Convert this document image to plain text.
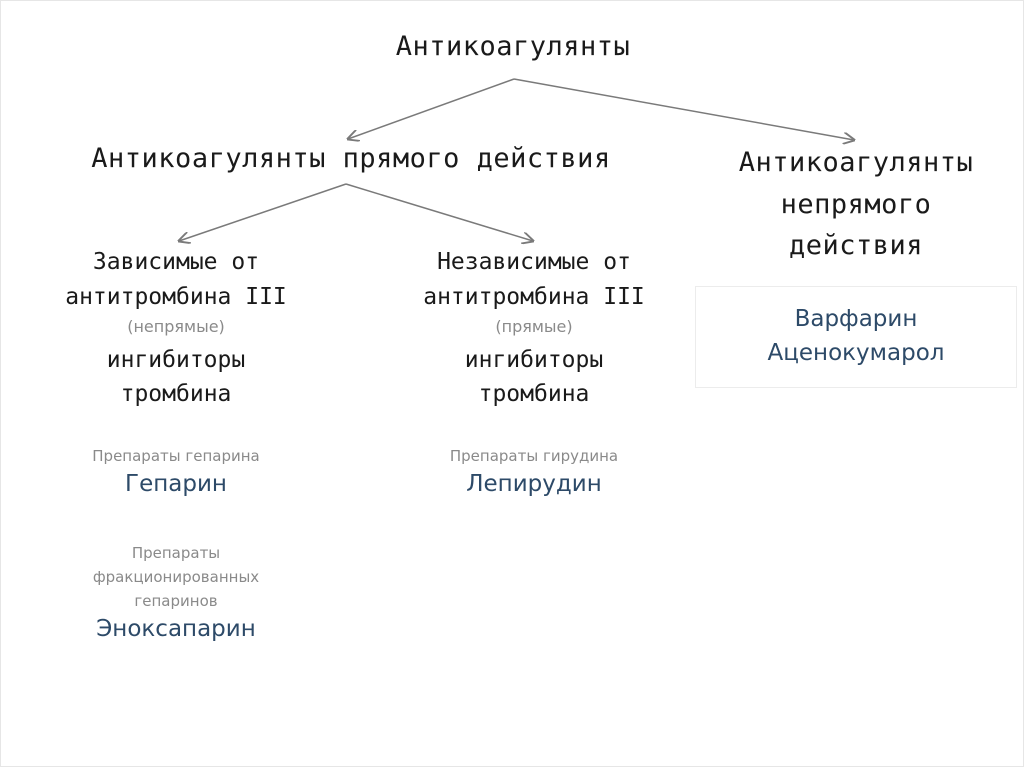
Антикоагулянты
Антикоагулянты прямого действия	Антикоагулянты
непрямого
действия
Варфарин
Аценокумарол
Зависимые от
антитромбина III
(непрямые)
ингибиторы
тромбина
Препараты гепарина
Гепарин
Препараты
фракционированных
гепаринов
Эноксапарин
Независимые от
антитромбина III
(прямые)
ингибиторы
тромбина
Препараты гирудина
Лепирудин
